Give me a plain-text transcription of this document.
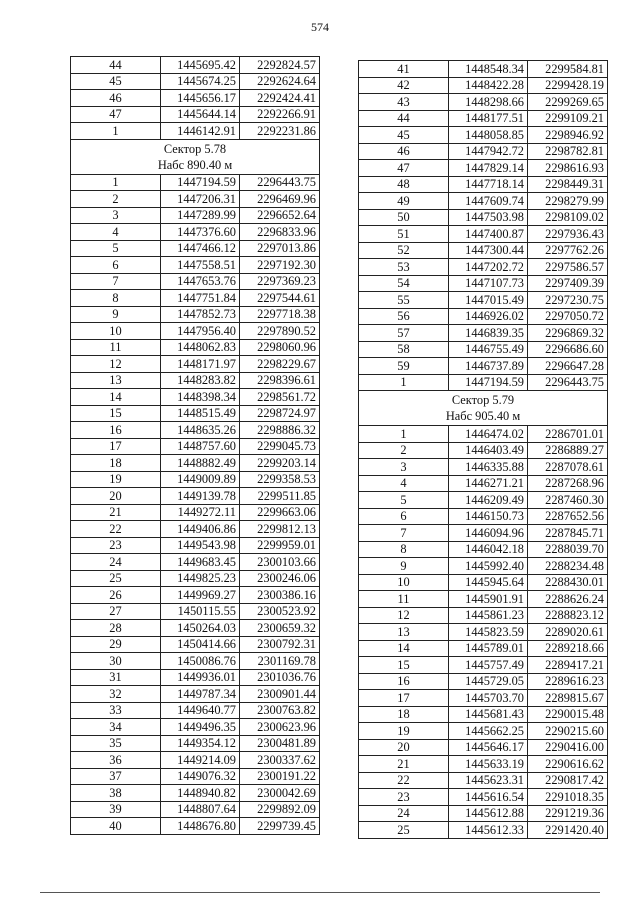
574
44	1445695.42	2292824.57
45	1445674.25	2292624.64
46	1445656.17	2292424.41
47	1445644.14	2292266.91
1	1446142.91	2292231.86

Сектор 5.78
Набс 890.40 м		

1	1447194.59	2296443.75
2	1447206.31	2296469.96
3	1447289.99	2296652.64
4	1447376.60	2296833.96
5	1447466.12	2297013.86
6	1447558.51	2297192.30
7	1447653.76	2297369.23
8	1447751.84	2297544.61
9	1447852.73	2297718.38
10	1447956.40	2297890.52
11	1448062.83	2298060.96
12	1448171.97	2298229.67
13	1448283.82	2298396.61
14	1448398.34	2298561.72
15	1448515.49	2298724.97
16	1448635.26	2298886.32
17	1448757.60	2299045.73
18	1448882.49	2299203.14
19	1449009.89	2299358.53
20	1449139.78	2299511.85
21	1449272.11	2299663.06
22	1449406.86	2299812.13
23	1449543.98	2299959.01
24	1449683.45	2300103.66
25	1449825.23	2300246.06
26	1449969.27	2300386.16
27	1450115.55	2300523.92
28	1450264.03	2300659.32
29	1450414.66	2300792.31
30	1450086.76	2301169.78
31	1449936.01	2301036.76
32	1449787.34	2300901.44
33	1449640.77	2300763.82
34	1449496.35	2300623.96
35	1449354.12	2300481.89
36	1449214.09	2300337.62
37	1449076.32	2300191.22
38	1448940.82	2300042.69
39	1448807.64	2299892.09
40	1448676.80	2299739.45
41	1448548.34	2299584.81
42	1448422.28	2299428.19
43	1448298.66	2299269.65
44	1448177.51	2299109.21
45	1448058.85	2298946.92
46	1447942.72	2298782.81
47	1447829.14	2298616.93
48	1447718.14	2298449.31
49	1447609.74	2298279.99
50	1447503.98	2298109.02
51	1447400.87	2297936.43
52	1447300.44	2297762.26
53	1447202.72	2297586.57
54	1447107.73	2297409.39
55	1447015.49	2297230.75
56	1446926.02	2297050.72
57	1446839.35	2296869.32
58	1446755.49	2296686.60
59	1446737.89	2296647.28
1	1447194.59	2296443.75

Сектор 5.79
Набс 905.40 м		

1	1446474.02	2286701.01
2	1446403.49	2286889.27
3	1446335.88	2287078.61
4	1446271.21	2287268.96
5	1446209.49	2287460.30
6	1446150.73	2287652.56
7	1446094.96	2287845.71
8	1446042.18	2288039.70
9	1445992.40	2288234.48
10	1445945.64	2288430.01
11	1445901.91	2288626.24
12	1445861.23	2288823.12
13	1445823.59	2289020.61
14	1445789.01	2289218.66
15	1445757.49	2289417.21
16	1445729.05	2289616.23
17	1445703.70	2289815.67
18	1445681.43	2290015.48
19	1445662.25	2290215.60
20	1445646.17	2290416.00
21	1445633.19	2290616.62
22	1445623.31	2290817.42
23	1445616.54	2291018.35
24	1445612.88	2291219.36
25	1445612.33	2291420.40
